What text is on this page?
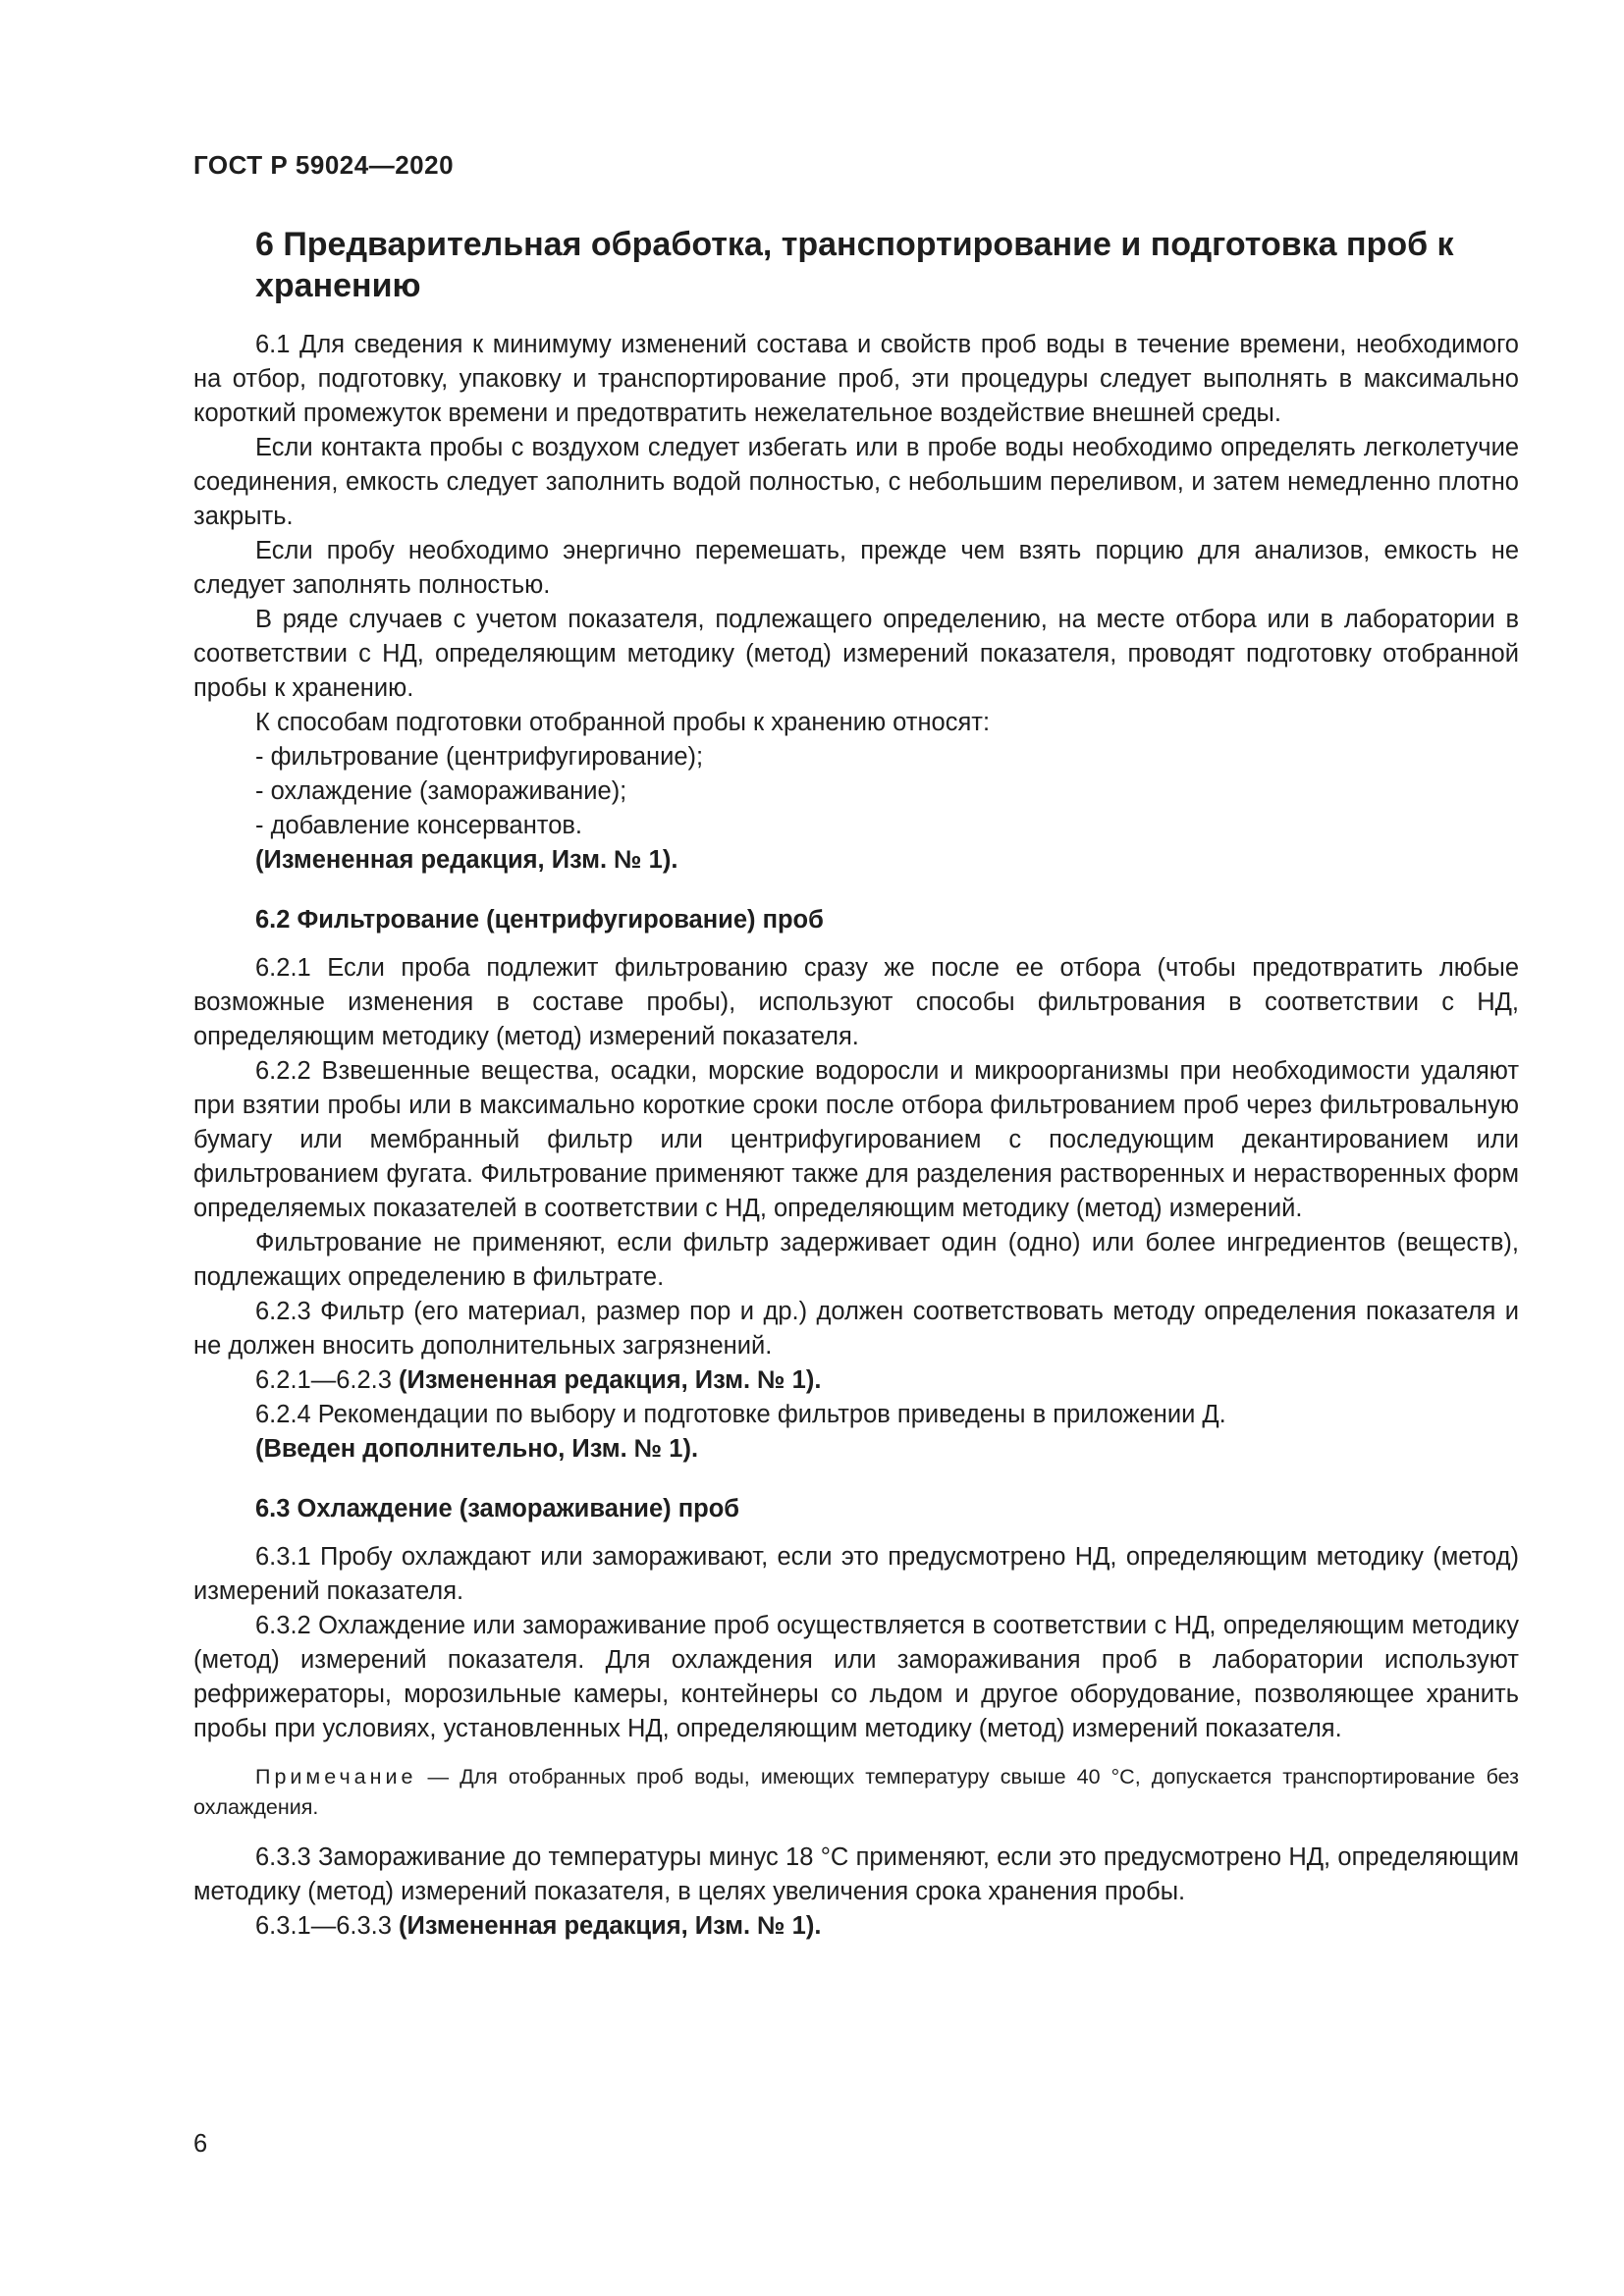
ГОСТ Р 59024—2020
6 Предварительная обработка, транспортирование и подготовка проб к хранению

6.1 Для сведения к минимуму изменений состава и свойств проб воды в течение времени, необходимого на отбор, подготовку, упаковку и транспортирование проб, эти процедуры следует выполнять в максимально короткий промежуток времени и предотвратить нежелательное воздействие внешней среды.

Если контакта пробы с воздухом следует избегать или в пробе воды необходимо определять легколетучие соединения, емкость следует заполнить водой полностью, с небольшим переливом, и затем немедленно плотно закрыть.

Если пробу необходимо энергично перемешать, прежде чем взять порцию для анализов, емкость не следует заполнять полностью.

В ряде случаев с учетом показателя, подлежащего определению, на месте отбора или в лаборатории в соответствии с НД, определяющим методику (метод) измерений показателя, проводят подготовку отобранной пробы к хранению.

К способам подготовки отобранной пробы к хранению относят:

- фильтрование (центрифугирование);
- охлаждение (замораживание);
- добавление консервантов.

(Измененная редакция, Изм. № 1).

6.2 Фильтрование (центрифугирование) проб

6.2.1 Если проба подлежит фильтрованию сразу же после ее отбора (чтобы предотвратить любые возможные изменения в составе пробы), используют способы фильтрования в соответствии с НД, определяющим методику (метод) измерений показателя.

6.2.2 Взвешенные вещества, осадки, морские водоросли и микроорганизмы при необходимости удаляют при взятии пробы или в максимально короткие сроки после отбора фильтрованием проб через фильтровальную бумагу или мембранный фильтр или центрифугированием с последующим декантированием или фильтрованием фугата. Фильтрование применяют также для разделения растворенных и нерастворенных форм определяемых показателей в соответствии с НД, определяющим методику (метод) измерений.

Фильтрование не применяют, если фильтр задерживает один (одно) или более ингредиентов (веществ), подлежащих определению в фильтрате.

6.2.3 Фильтр (его материал, размер пор и др.) должен соответствовать методу определения показателя и не должен вносить дополнительных загрязнений.

6.2.1—6.2.3 (Измененная редакция, Изм. № 1).

6.2.4 Рекомендации по выбору и подготовке фильтров приведены в приложении Д.

(Введен дополнительно, Изм. № 1).

6.3 Охлаждение (замораживание) проб

6.3.1 Пробу охлаждают или замораживают, если это предусмотрено НД, определяющим методику (метод) измерений показателя.

6.3.2 Охлаждение или замораживание проб осуществляется в соответствии с НД, определяющим методику (метод) измерений показателя. Для охлаждения или замораживания проб в лаборатории используют рефрижераторы, морозильные камеры, контейнеры со льдом и другое оборудование, позволяющее хранить пробы при условиях, установленных НД, определяющим методику (метод) измерений показателя.

Примечание — Для отобранных проб воды, имеющих температуру свыше 40 °С, допускается транспортирование без охлаждения.

6.3.3 Замораживание до температуры минус 18 °С применяют, если это предусмотрено НД, определяющим методику (метод) измерений показателя, в целях увеличения срока хранения пробы.

6.3.1—6.3.3 (Измененная редакция, Изм. № 1).

6
